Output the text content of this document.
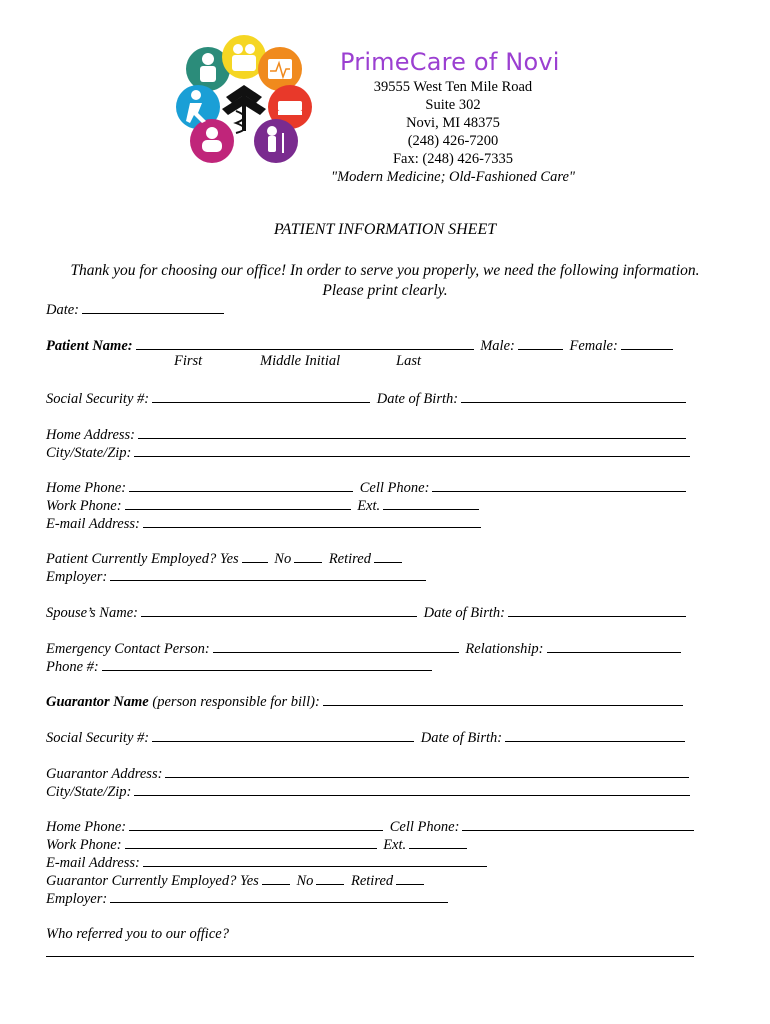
PrimeCare of Novi
39555 West Ten Mile Road
Suite 302
Novi, MI 48375
(248) 426-7200
Fax: (248) 426-7335
"Modern Medicine; Old-Fashioned Care"
PATIENT INFORMATION SHEET
Thank you for choosing our office! In order to serve you properly, we need the following information.
Please print clearly.
Date:
Patient Name:	Male:	Female:
First	Middle Initial	Last
Social Security #:	Date of Birth:
Home Address:
City/State/Zip:
Home Phone:	Cell Phone:
Work Phone:	Ext.
E-mail Address:
Patient Currently Employed? Yes No	Retired
Employer:
Spouse’s Name:	Date of Birth:
Emergency Contact Person:	Relationship:
Phone #:
Guarantor Name (person responsible for bill):
Social Security #:	Date of Birth:
Guarantor Address:
City/State/Zip:
Home Phone:	Cell Phone:
Work Phone:	Ext.
E-mail Address:
Guarantor Currently Employed? Yes	No	Retired
Employer:
Who referred you to our office?
